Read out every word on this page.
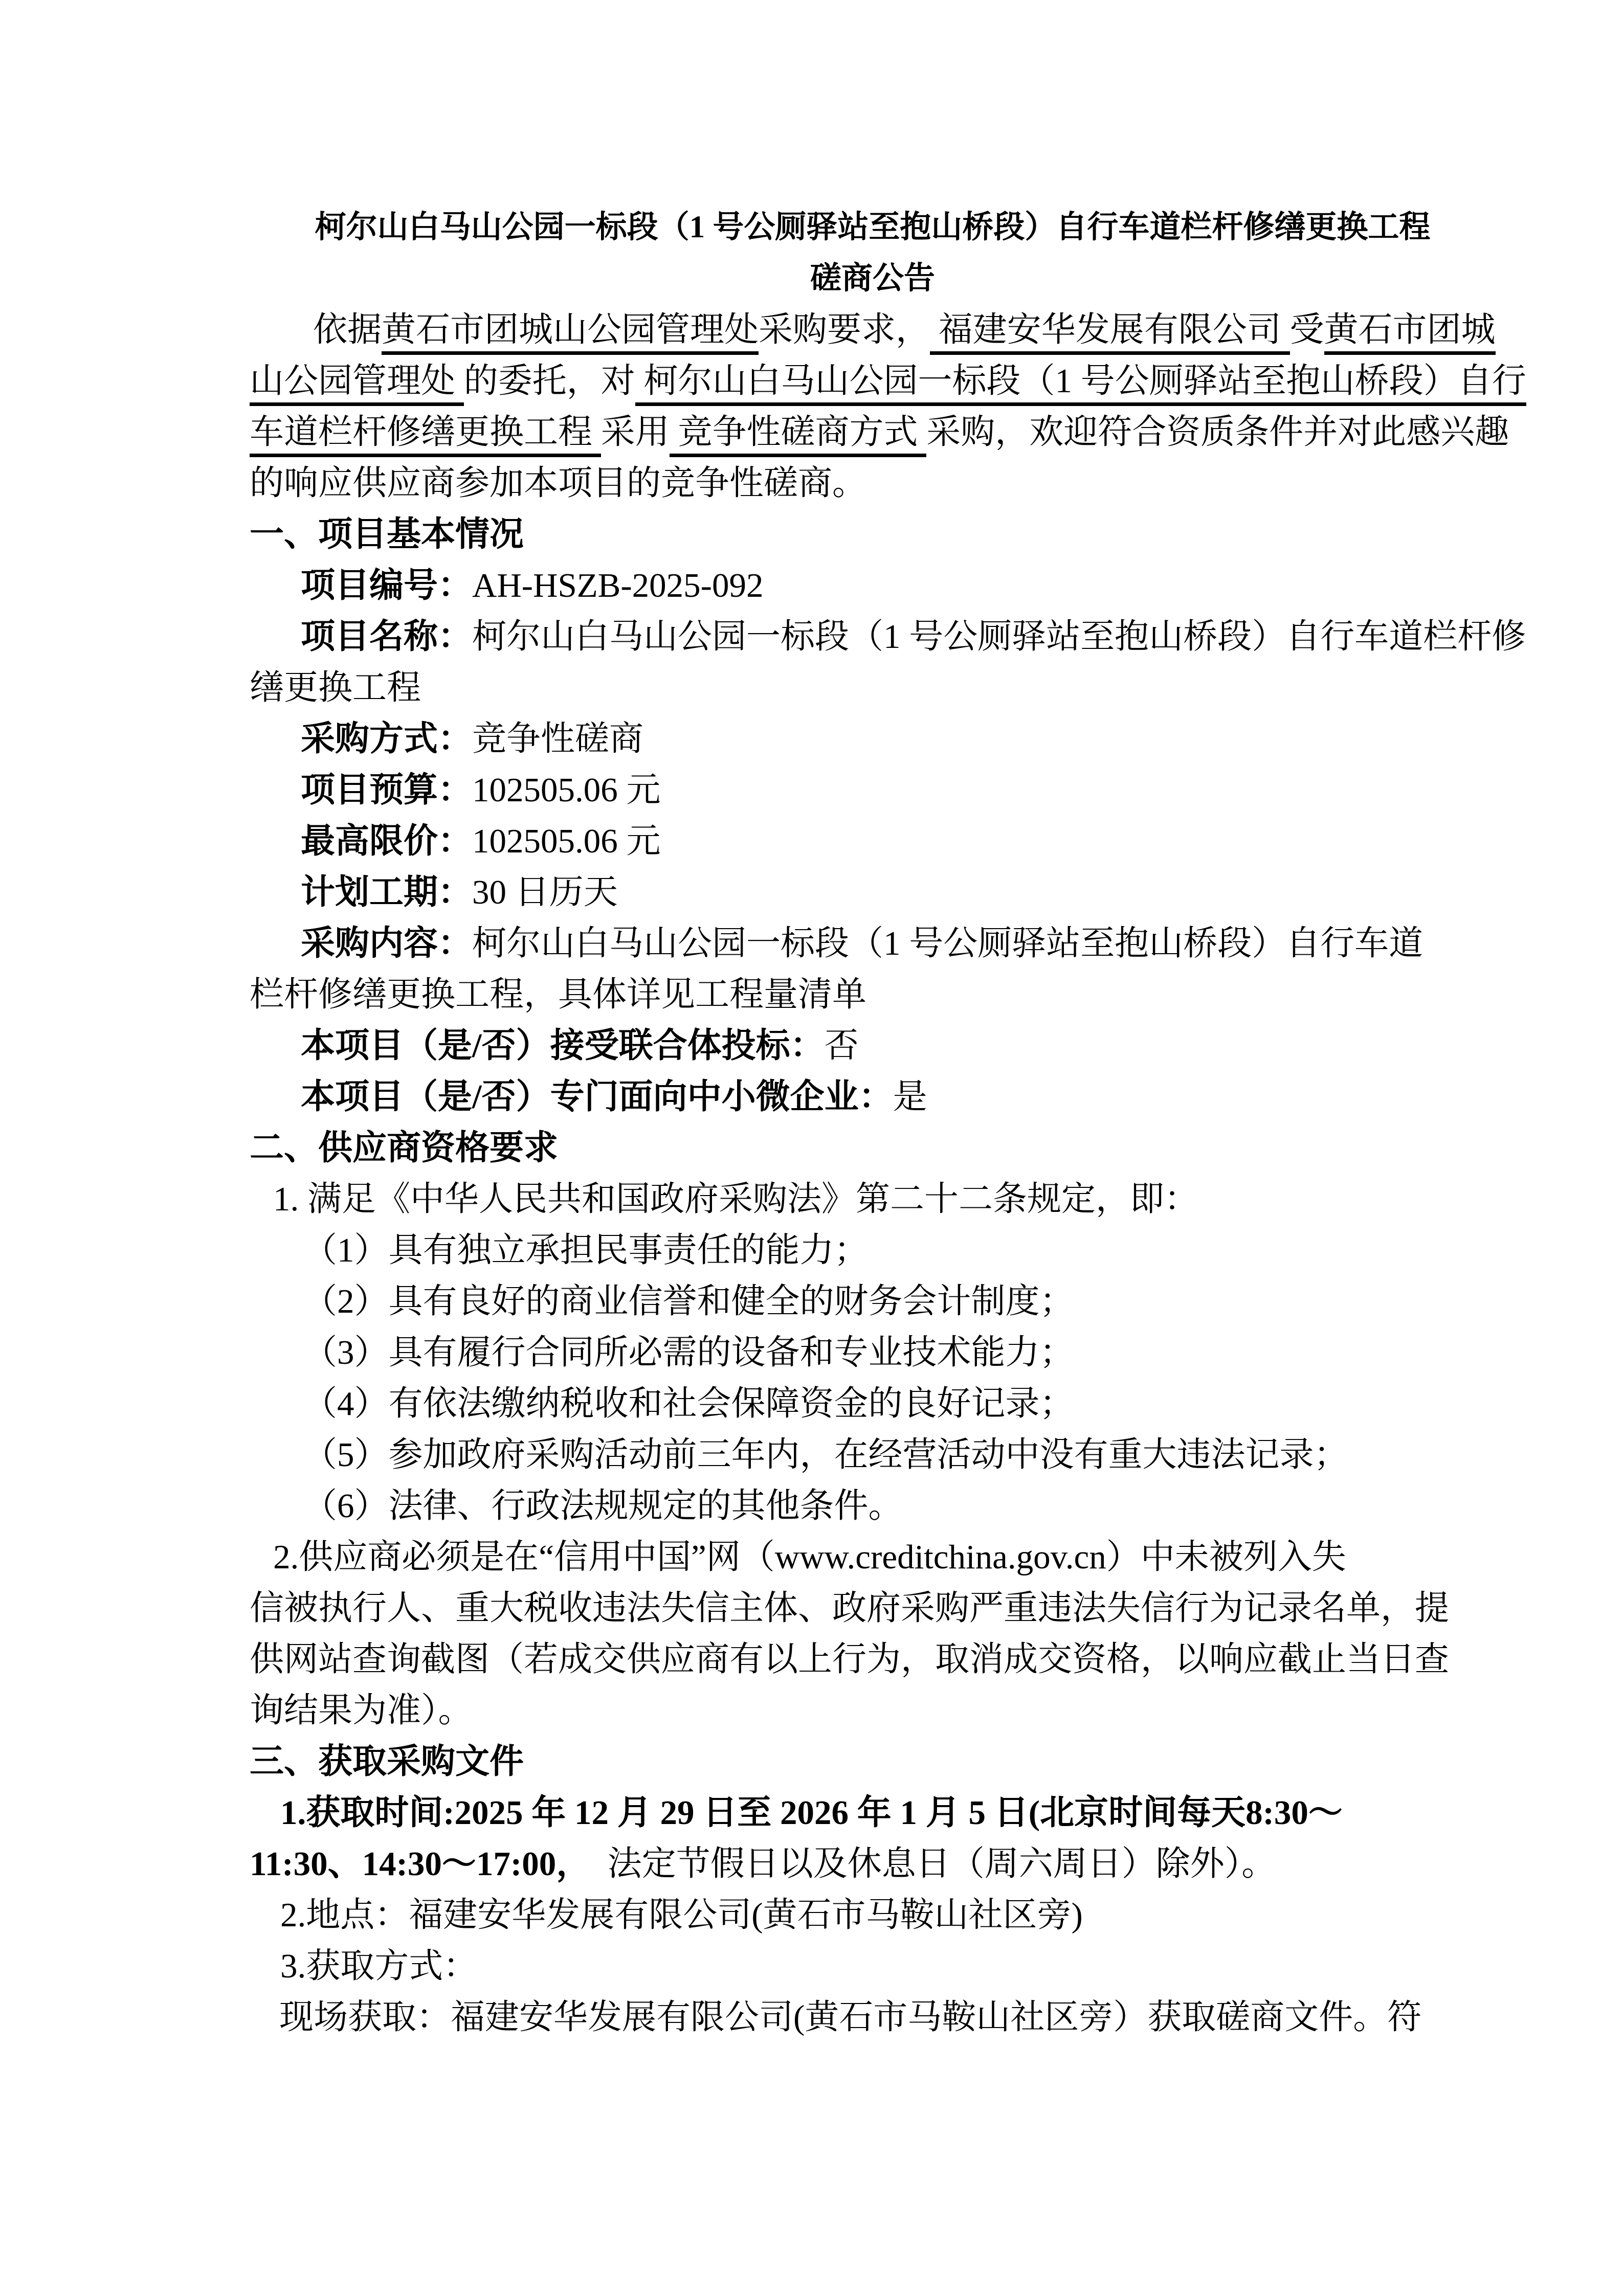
柯尔山白马山公园一标段（1 号公厕驿站至抱山桥段）自行车道栏杆修缮更换工程
磋商公告
依据黄石市团城山公园管理处采购要求， 福建安华发展有限公司 受黄石市团城
山公园管理处 的委托，对 柯尔山白马山公园一标段（1 号公厕驿站至抱山桥段）自行
车道栏杆修缮更换工程 采用 竞争性磋商方式 采购，欢迎符合资质条件并对此感兴趣
的响应供应商参加本项目的竞争性磋商。
一、项目基本情况
项目编号：AH-HSZB-2025-092
项目名称：柯尔山白马山公园一标段（1 号公厕驿站至抱山桥段）自行车道栏杆修
缮更换工程
采购方式：竞争性磋商
项目预算：102505.06 元
最高限价：102505.06 元
计划工期：30 日历天
采购内容：柯尔山白马山公园一标段（1 号公厕驿站至抱山桥段）自行车道
栏杆修缮更换工程，具体详见工程量清单
本项目（是/否）接受联合体投标：否
本项目（是/否）专门面向中小微企业：是
二、供应商资格要求
1. 满足《中华人民共和国政府采购法》第二十二条规定，即：
（1）具有独立承担民事责任的能力；
（2）具有良好的商业信誉和健全的财务会计制度；
（3）具有履行合同所必需的设备和专业技术能力；
（4）有依法缴纳税收和社会保障资金的良好记录；
（5）参加政府采购活动前三年内，在经营活动中没有重大违法记录；
（6）法律、行政法规规定的其他条件。
2.供应商必须是在“信用中国”网（www.creditchina.gov.cn）中未被列入失
信被执行人、重大税收违法失信主体、政府采购严重违法失信行为记录名单，提
供网站查询截图（若成交供应商有以上行为，取消成交资格，以响应截止当日查
询结果为准）。
三、获取采购文件
1.获取时间:2025 年 12 月 29 日至 2026 年 1 月 5 日(北京时间每天8:30～
11:30、14:30～17:00，  法定节假日以及休息日（周六周日）除外）。
2.地点：福建安华发展有限公司(黄石市马鞍山社区旁)
3.获取方式：
现场获取：福建安华发展有限公司(黄石市马鞍山社区旁）获取磋商文件。符
